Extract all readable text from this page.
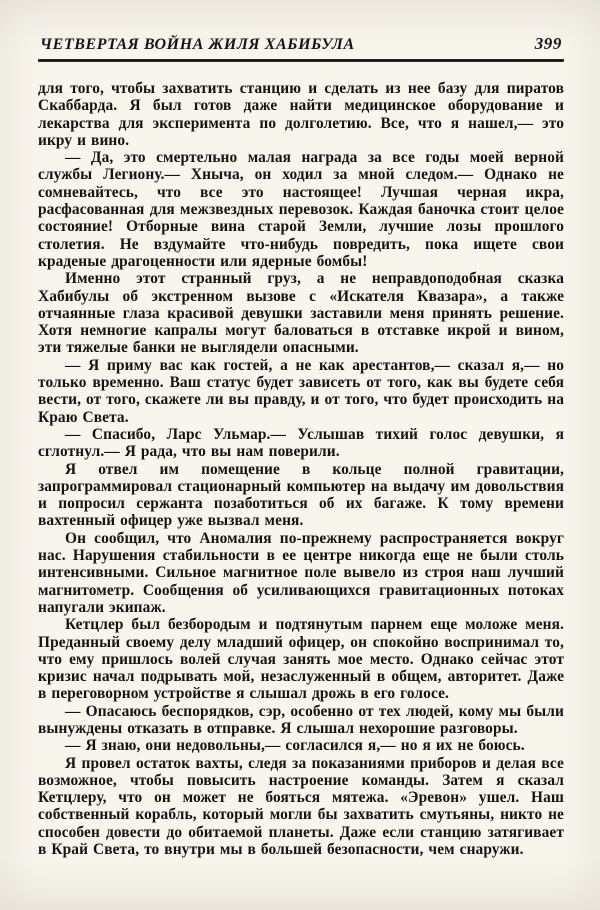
ЧЕТВЕРТАЯ ВОЙНА ЖИЛЯ ХАБИБУЛА	399

для того, чтобы захватить станцию и сделать из нее базу для пиратов Скаббарда. Я был готов даже найти медицинское оборудование и лекарства для эксперимента по долголетию. Все, что я нашел,— это икру и вино.

— Да, это смертельно малая награда за все годы моей верной службы Легиону.— Хныча, он ходил за мной следом.— Однако не сомневайтесь, что все это настоящее! Лучшая черная икра, расфасованная для межзвездных перевозок. Каждая баночка стоит целое состояние! Отборные вина старой Земли, лучшие лозы прошлого столетия. Не вздумайте что-нибудь повредить, пока ищете свои краденые драгоценности или ядерные бомбы!

Именно этот странный груз, а не неправдоподобная сказка Хабибулы об экстренном вызове с «Искателя Квазара», а также отчаянные глаза красивой девушки заставили меня принять решение. Хотя немногие капралы могут баловаться в отставке икрой и вином, эти тяжелые банки не выглядели опасными.

— Я приму вас как гостей, а не как арестантов,— сказал я,— но только временно. Ваш статус будет зависеть от того, как вы будете себя вести, от того, скажете ли вы правду, и от того, что будет происходить на Краю Света.

— Спасибо, Ларс Ульмар.— Услышав тихий голос девушки, я сглотнул.— Я рада, что вы нам поверили.

Я отвел им помещение в кольце полной гравитации, запрограммировал стационарный компьютер на выдачу им довольствия и попросил сержанта позаботиться об их багаже. К тому времени вахтенный офицер уже вызвал меня.

Он сообщил, что Аномалия по-прежнему распространяется вокруг нас. Нарушения стабильности в ее центре никогда еще не были столь интенсивными. Сильное магнитное поле вывело из строя наш лучший магнитометр. Сообщения об усиливающихся гравитационных потоках напугали экипаж.

Кетцлер был безбородым и подтянутым парнем еще моложе меня. Преданный своему делу младший офицер, он спокойно воспринимал то, что ему пришлось волей случая занять мое место. Однако сейчас этот кризис начал подрывать мой, незаслуженный в общем, авторитет. Даже в переговорном устройстве я слышал дрожь в его голосе.

— Опасаюсь беспорядков, сэр, особенно от тех людей, кому мы были вынуждены отказать в отправке. Я слышал нехорошие разговоры.

— Я знаю, они недовольны,— согласился я,— но я их не боюсь.

Я провел остаток вахты, следя за показаниями приборов и делая все возможное, чтобы повысить настроение команды. Затем я сказал Кетцлеру, что он может не бояться мятежа. «Эревон» ушел. Наш собственный корабль, который могли бы захватить смутьяны, никто не способен довести до обитаемой планеты. Даже если станцию затягивает в Край Света, то внутри мы в большей безопасности, чем снаружи.
